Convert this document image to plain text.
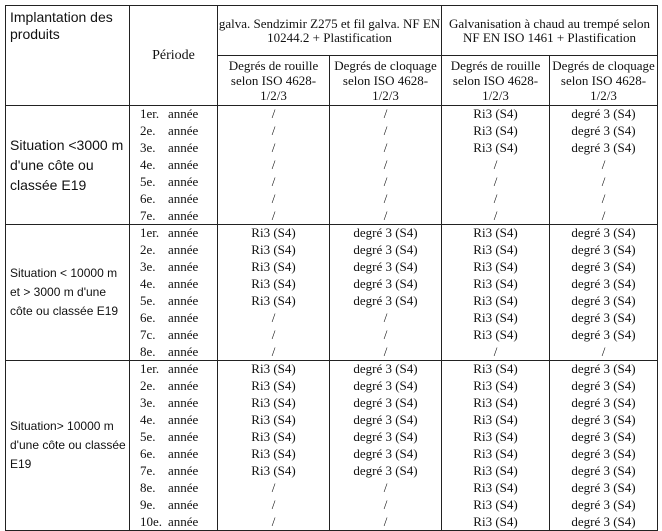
Implantation des produits	Période	galva. Sendzimir Z275 et fil galva. NF EN 10244.2 + Plastification		Galvanisation à chaud au trempé selon NF EN ISO 1461 + Plastification	
		Degrés de rouille selon ISO 4628-1/2/3	Degrés de cloquage selon ISO 4628-1/2/3	Degrés de rouille selon ISO 4628-1/2/3	Degrés de cloquage selon ISO 4628-1/2/3
Situation <3000 m d'une côte ou classée E19	1er. année	/	/	Ri3 (S4)	degré 3 (S4)
	2e. année	/	/	Ri3 (S4)	degré 3 (S4)
	3e. année	/	/	Ri3 (S4)	degré 3 (S4)
	4e. année	/	/	/	/
	5e. année	/	/	/	/
	6e. année	/	/	/	/
	7e. année	/	/	/	/
Situation < 10000 m et > 3000 m d'une côte ou classée E19	1er. année	Ri3 (S4)	degré 3 (S4)	Ri3 (S4)	degré 3 (S4)
	2e. année	Ri3 (S4)	degré 3 (S4)	Ri3 (S4)	degré 3 (S4)
	3e. année	Ri3 (S4)	degré 3 (S4)	Ri3 (S4)	degré 3 (S4)
	4e. année	Ri3 (S4)	degré 3 (S4)	Ri3 (S4)	degré 3 (S4)
	5e. année	Ri3 (S4)	degré 3 (S4)	Ri3 (S4)	degré 3 (S4)
	6e. année	/	/	Ri3 (S4)	degré 3 (S4)
	7c. année	/	/	Ri3 (S4)	degré 3 (S4)
	8e. année	/	/	/	/
Situation> 10000 m d'une côte ou classée E19	1er. année	Ri3 (S4)	degré 3 (S4)	Ri3 (S4)	degré 3 (S4)
	2e. année	Ri3 (S4)	degré 3 (S4)	Ri3 (S4)	degré 3 (S4)
	3e. année	Ri3 (S4)	degré 3 (S4)	Ri3 (S4)	degré 3 (S4)
	4e. année	Ri3 (S4)	degré 3 (S4)	Ri3 (S4)	degré 3 (S4)
	5e. année	Ri3 (S4)	degré 3 (S4)	Ri3 (S4)	degré 3 (S4)
	6e. année	Ri3 (S4)	degré 3 (S4)	Ri3 (S4)	degré 3 (S4)
	7e. année	Ri3 (S4)	degré 3 (S4)	Ri3 (S4)	degré 3 (S4)
	8e. année	/	/	Ri3 (S4)	degré 3 (S4)
	9e. année	/	/	Ri3 (S4)	degré 3 (S4)
	10e. année	/	/	Ri3 (S4)	degré 3 (S4)
